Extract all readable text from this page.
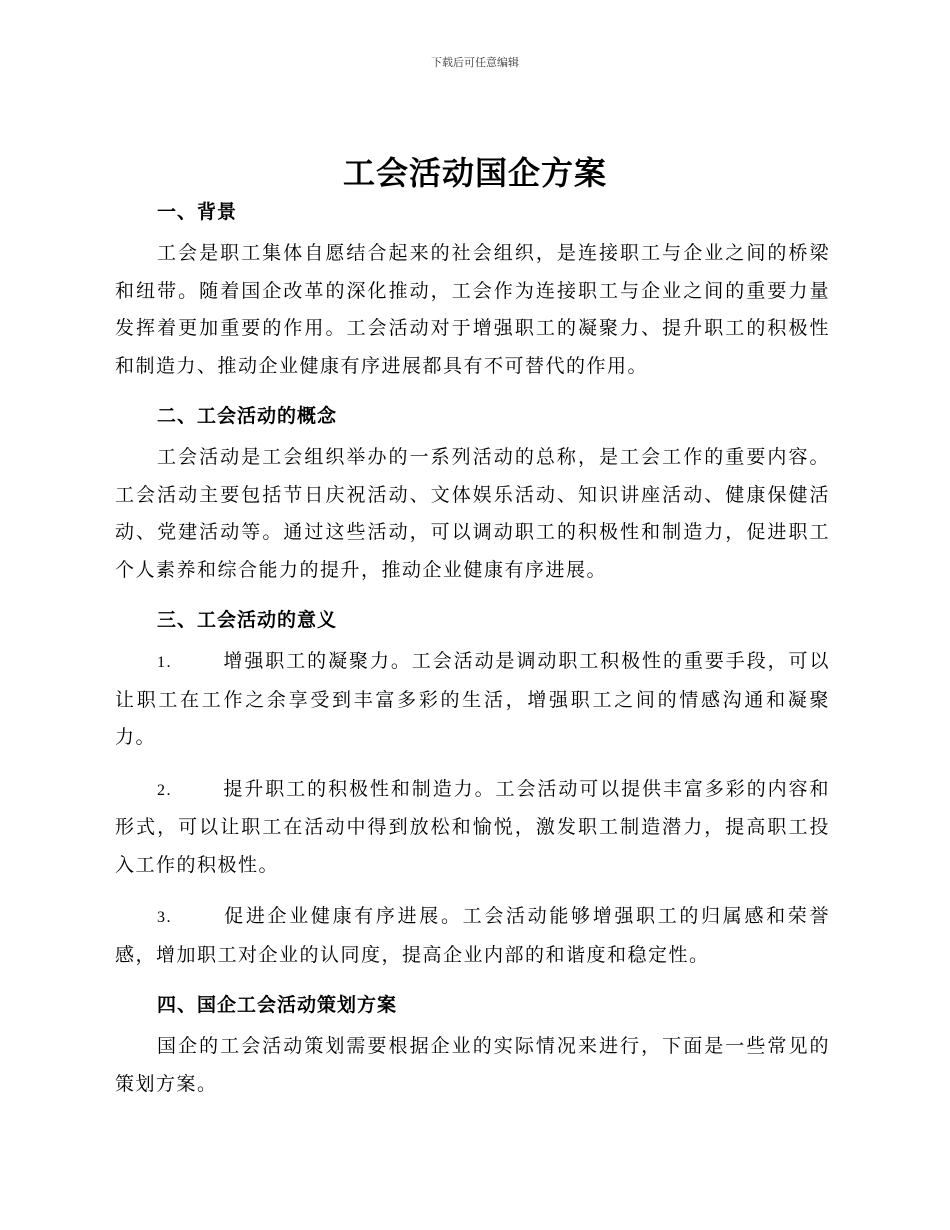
下载后可任意编辑
工会活动国企方案
一、背景

工会是职工集体自愿结合起来的社会组织，是连接职工与企业之间的桥梁和纽带。随着国企改革的深化推动，工会作为连接职工与企业之间的重要力量发挥着更加重要的作用。工会活动对于增强职工的凝聚力、提升职工的积极性和制造力、推动企业健康有序进展都具有不可替代的作用。

二、工会活动的概念

工会活动是工会组织举办的一系列活动的总称，是工会工作的重要内容。工会活动主要包括节日庆祝活动、文体娱乐活动、知识讲座活动、健康保健活动、党建活动等。通过这些活动，可以调动职工的积极性和制造力，促进职工个人素养和综合能力的提升，推动企业健康有序进展。

三、工会活动的意义

1.	增强职工的凝聚力。工会活动是调动职工积极性的重要手段，可以让职工在工作之余享受到丰富多彩的生活，增强职工之间的情感沟通和凝聚力。

2.	提升职工的积极性和制造力。工会活动可以提供丰富多彩的内容和形式，可以让职工在活动中得到放松和愉悦，激发职工制造潜力，提高职工投入工作的积极性。

3.	促进企业健康有序进展。工会活动能够增强职工的归属感和荣誉感，增加职工对企业的认同度，提高企业内部的和谐度和稳定性。

四、国企工会活动策划方案

国企的工会活动策划需要根据企业的实际情况来进行，下面是一些常见的策划方案。
